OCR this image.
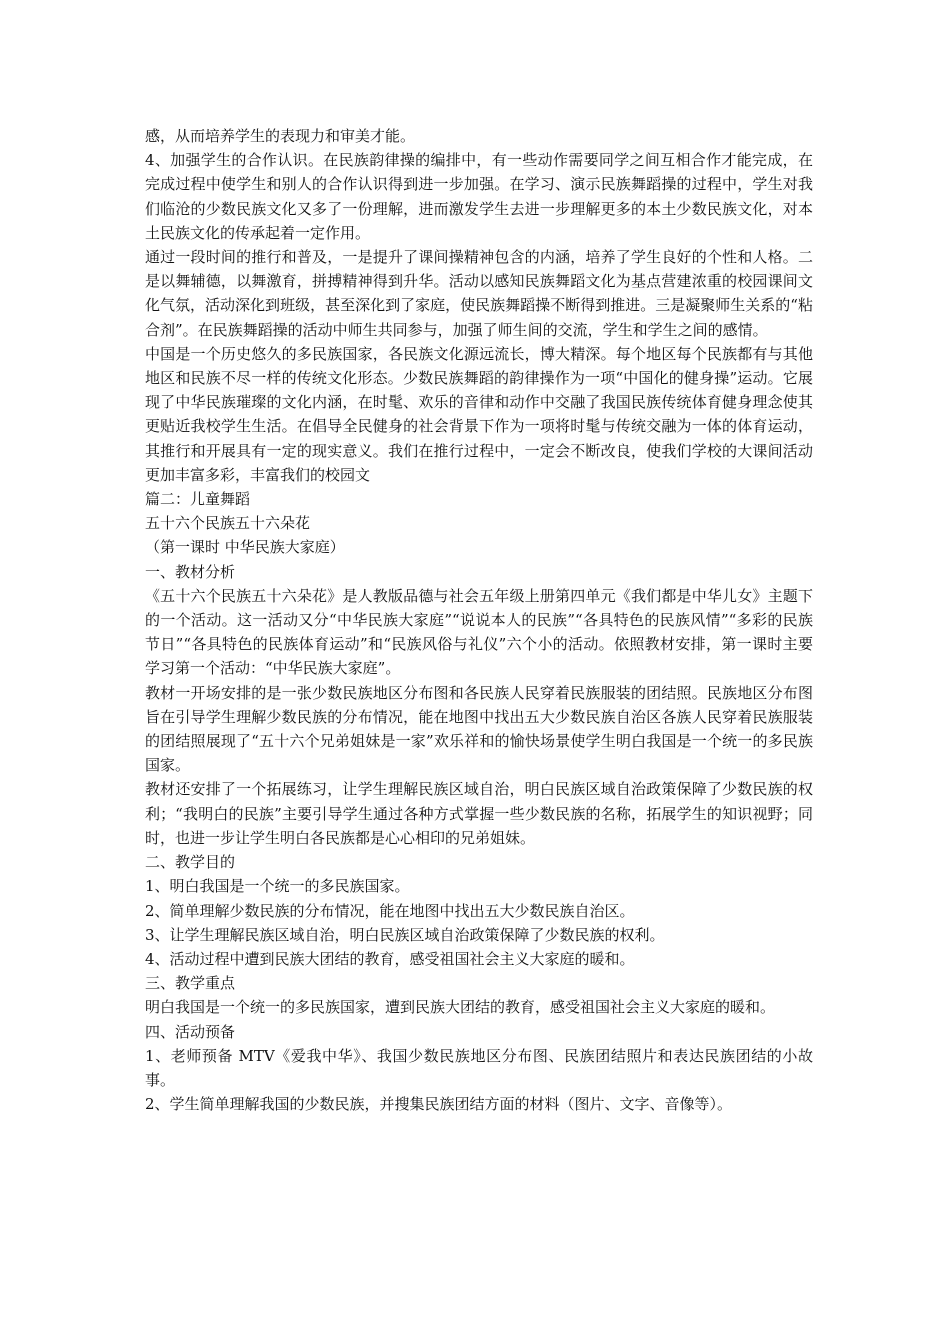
感，从而培养学生的表现力和审美才能。

4、加强学生的合作认识。在民族韵律操的编排中，有一些动作需要同学之间互相合作才能完成，在完成过程中使学生和别人的合作认识得到进一步加强。在学习、演示民族舞蹈操的过程中，学生对我们临沧的少数民族文化又多了一份理解，进而激发学生去进一步理解更多的本土少数民族文化，对本土民族文化的传承起着一定作用。

通过一段时间的推行和普及，一是提升了课间操精神包含的内涵，培养了学生良好的个性和人格。二是以舞辅德，以舞激育，拼搏精神得到升华。活动以感知民族舞蹈文化为基点营建浓重的校园课间文化气氛，活动深化到班级，甚至深化到了家庭，使民族舞蹈操不断得到推进。三是凝聚师生关系的“粘合剂”。在民族舞蹈操的活动中师生共同参与，加强了师生间的交流，学生和学生之间的感情。

中国是一个历史悠久的多民族国家，各民族文化源远流长，博大精深。每个地区每个民族都有与其他地区和民族不尽一样的传统文化形态。少数民族舞蹈的韵律操作为一项“中国化的健身操”运动。它展现了中华民族璀璨的文化内涵，在时髦、欢乐的音律和动作中交融了我国民族传统体育健身理念使其更贴近我校学生生活。在倡导全民健身的社会背景下作为一项将时髦与传统交融为一体的体育运动，其推行和开展具有一定的现实意义。我们在推行过程中，一定会不断改良，使我们学校的大课间活动更加丰富多彩，丰富我们的校园文

篇二：儿童舞蹈

五十六个民族五十六朵花

（第一课时 中华民族大家庭）

一、教材分析

《五十六个民族五十六朵花》是人教版品德与社会五年级上册第四单元《我们都是中华儿女》主题下的一个活动。这一活动又分“中华民族大家庭”“说说本人的民族”“各具特色的民族风情”“多彩的民族节日”“各具特色的民族体育运动”和“民族风俗与礼仪”六个小的活动。依照教材安排，第一课时主要学习第一个活动：“中华民族大家庭”。

教材一开场安排的是一张少数民族地区分布图和各民族人民穿着民族服装的团结照。民族地区分布图旨在引导学生理解少数民族的分布情况，能在地图中找出五大少数民族自治区各族人民穿着民族服装的团结照展现了“五十六个兄弟姐妹是一家”欢乐祥和的愉快场景使学生明白我国是一个统一的多民族国家。

教材还安排了一个拓展练习，让学生理解民族区域自治，明白民族区域自治政策保障了少数民族的权利；“我明白的民族”主要引导学生通过各种方式掌握一些少数民族的名称，拓展学生的知识视野；同时，也进一步让学生明白各民族都是心心相印的兄弟姐妹。

二、教学目的

1、明白我国是一个统一的多民族国家。

2、简单理解少数民族的分布情况，能在地图中找出五大少数民族自治区。

3、让学生理解民族区域自治，明白民族区域自治政策保障了少数民族的权利。

4、活动过程中遭到民族大团结的教育，感受祖国社会主义大家庭的暖和。

三、教学重点

明白我国是一个统一的多民族国家，遭到民族大团结的教育，感受祖国社会主义大家庭的暖和。

四、活动预备

1、老师预备 MTV《爱我中华》、我国少数民族地区分布图、民族团结照片和表达民族团结的小故事。

2、学生简单理解我国的少数民族，并搜集民族团结方面的材料（图片、文字、音像等）。
